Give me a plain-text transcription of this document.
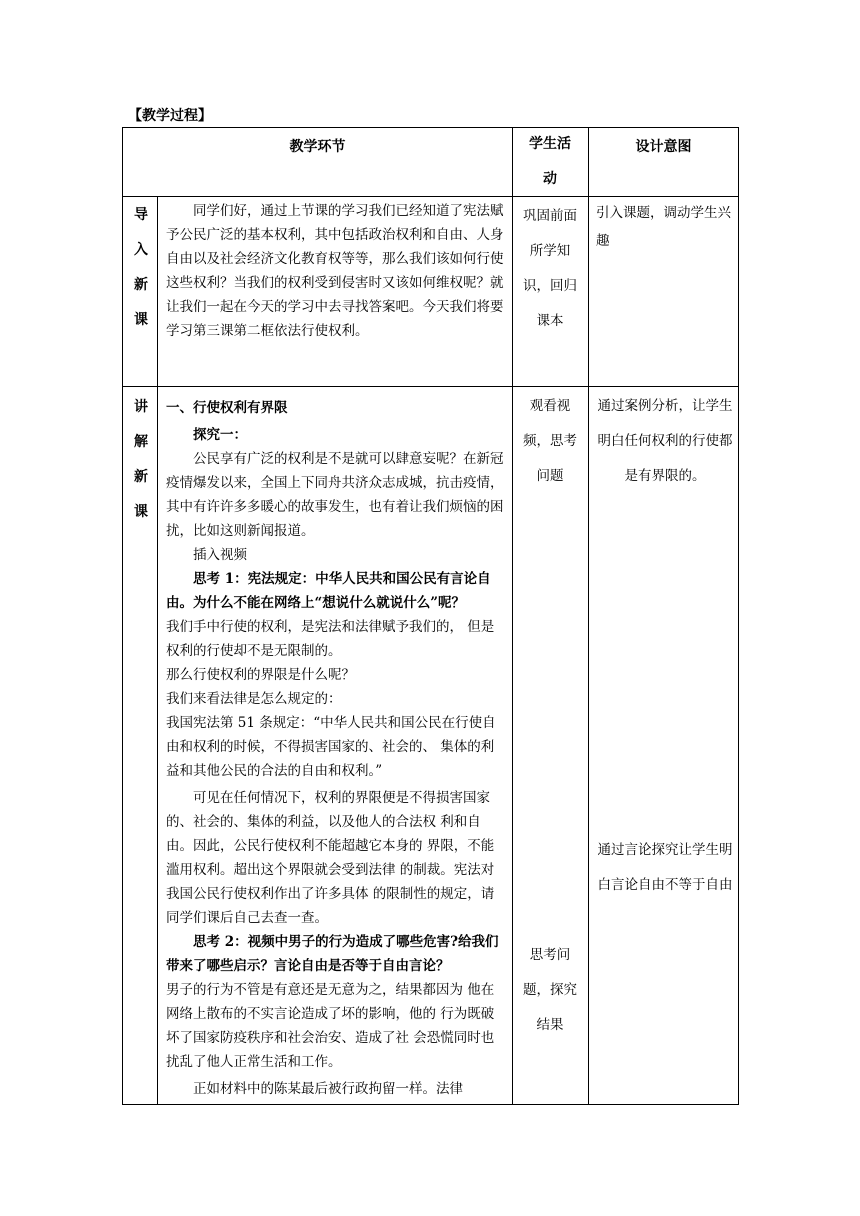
【教学过程】
教学环节	学生活动
设计意图
导
入
新
课
同学们好，通过上节课的学习我们已经知道了宪法赋予公民广泛的基本权利，其中包括政治权利和自由、人身自由以及社会经济文化教育权等等，那么我们该如何行使这些权利？当我们的权利受到侵害时又该如何维权呢？就让我们一起在今天的学习中去寻找答案吧。今天我们将要学习第三课第二框依法行使权利。
巩固前面所学知识，回归课本
引入课题，调动学生兴趣
讲
解
新
课

一、行使权利有界限

探究一：

公民享有广泛的权利是不是就可以肆意妄呢？在新冠疫情爆发以来，全国上下同舟共济众志成城，抗击疫情，其中有许许多多暖心的故事发生，也有着让我们烦恼的困扰，比如这则新闻报道。

插入视频

思考 1：宪法规定：中华人民共和国公民有言论自由。为什么不能在网络上“想说什么就说什么”呢？

我们手中行使的权利，是宪法和法律赋予我们的， 但是权利的行使却不是无限制的。

那么行使权利的界限是什么呢？

我们来看法律是怎么规定的：

我国宪法第 51 条规定：“中华人民共和国公民在行使自由和权利的时候，不得损害国家的、社会的、 集体的利益和其他公民的合法的自由和权利。”

可见在任何情况下，权利的界限便是不得损害国家的、社会的、集体的利益，以及他人的合法权 利和自由。因此，公民行使权利不能超越它本身的 界限，不能滥用权利。超出这个界限就会受到法律 的制裁。宪法对我国公民行使权利作出了许多具体 的限制性的规定，请同学们课后自己去查一查。

思考 2：视频中男子的行为造成了哪些危害?给我们带来了哪些启示？言论自由是否等于自由言论？

男子的行为不管是有意还是无意为之，结果都因为 他在网络上散布的不实言论造成了坏的影响，他的 行为既破坏了国家防疫秩序和社会治安、造成了社 会恐慌同时也扰乱了他人正常生活和工作。

正如材料中的陈某最后被行政拘留一样。法律

观看视频，思考问题
思考问题，探究结果
通过案例分析，让学生明白任何权利的行使都是有界限的。
通过言论探究让学生明白言论自由不等于自由
